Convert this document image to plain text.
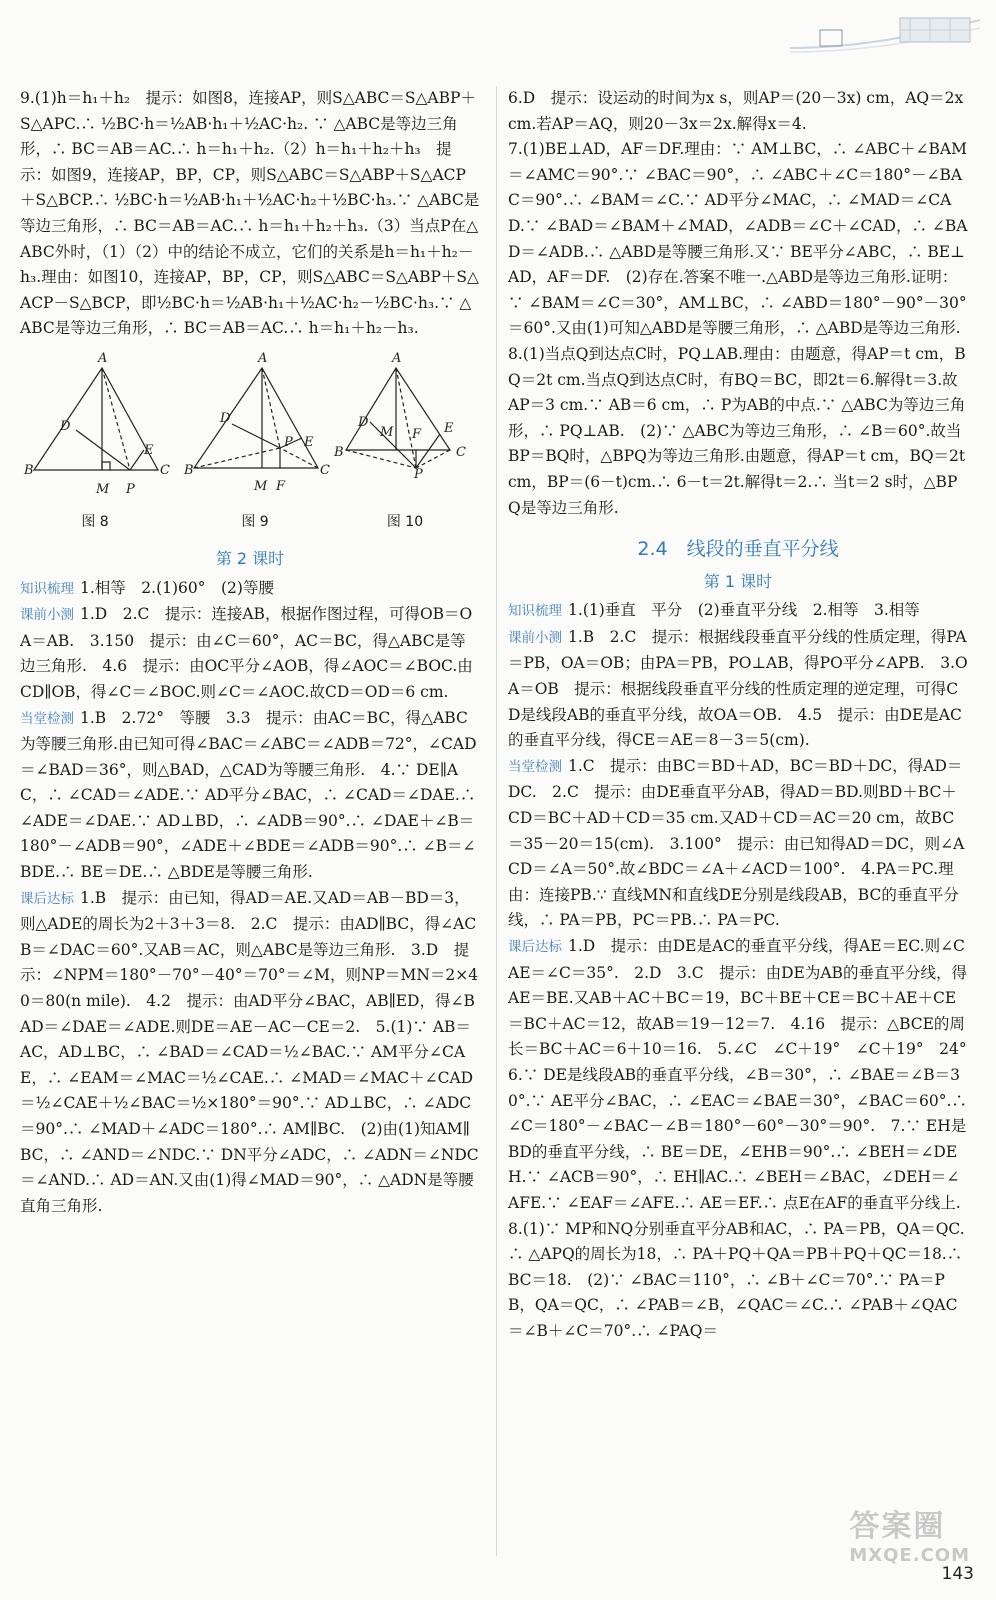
9.(1)h＝h₁＋h₂　提示：如图8，连接AP，则S△ABC＝S△ABP＋S△APC.∴ ½BC·h＝½AB·h₁＋½AC·h₂. ∵ △ABC是等边三角形，∴ BC＝AB＝AC.∴ h＝h₁＋h₂.（2）h＝h₁＋h₂＋h₃　提示：如图9，连接AP，BP，CP，则S△ABC＝S△ABP＋S△ACP＋S△BCP.∴ ½BC·h＝½AB·h₁＋½AC·h₂＋½BC·h₃.∵ △ABC是等边三角形，∴ BC＝AB＝AC.∴ h＝h₁＋h₂＋h₃.（3）当点P在△ABC外时，（1）（2）中的结论不成立，它们的关系是h＝h₁＋h₂－h₃.理由：如图10，连接AP，BP，CP，则S△ABC＝S△ABP＋S△ACP－S△BCP，即½BC·h＝½AB·h₁＋½AC·h₂－½BC·h₃.∵ △ABC是等边三角形，∴ BC＝AB＝AC.∴ h＝h₁＋h₂－h₃.

A
B	C
D
E
M P
图 8
A
B	C
D
E
M F
P
图 9
A
B	C
D	E
M F
P
图 10
第 2 课时

知识梳理 1.相等　2.(1)60°　(2)等腰

课前小测 1.D　2.C　提示：连接AB，根据作图过程，可得OB＝OA＝AB.　3.150　提示：由∠C＝60°，AC＝BC，得△ABC是等边三角形.　4.6　提示：由OC平分∠AOB，得∠AOC＝∠BOC.由CD∥OB，得∠C＝∠BOC.则∠C＝∠AOC.故CD＝OD＝6 cm.

当堂检测 1.B　2.72°　等腰　3.3　提示：由AC＝BC，得△ABC为等腰三角形.由已知可得∠BAC＝∠ABC＝∠ADB＝72°，∠CAD＝∠BAD＝36°，则△BAD，△CAD为等腰三角形.　4.∵ DE∥AC，∴ ∠CAD＝∠ADE.∵ AD平分∠BAC，∴ ∠CAD＝∠DAE.∴ ∠ADE＝∠DAE.∵ AD⊥BD，∴ ∠ADB＝90°.∴ ∠DAE＋∠B＝180°－∠ADB＝90°，∠ADE＋∠BDE＝∠ADB＝90°.∴ ∠B＝∠BDE.∴ BE＝DE.∴ △BDE是等腰三角形.

课后达标 1.B　提示：由已知，得AD＝AE.又AD＝AB－BD＝3，则△ADE的周长为2＋3＋3＝8.　2.C　提示：由AD∥BC，得∠ACB＝∠DAC＝60°.又AB＝AC，则△ABC是等边三角形.　3.D　提示：∠NPM＝180°－70°－40°＝70°＝∠M，则NP＝MN＝2×40＝80(n mile).　4.2　提示：由AD平分∠BAC，AB∥ED，得∠BAD＝∠DAE＝∠ADE.则DE＝AE－AC－CE＝2.　5.(1)∵ AB＝AC，AD⊥BC，∴ ∠BAD＝∠CAD＝½∠BAC.∵ AM平分∠CAE，∴ ∠EAM＝∠MAC＝½∠CAE.∴ ∠MAD＝∠MAC＋∠CAD＝½∠CAE＋½∠BAC＝½×180°＝90°.∵ AD⊥BC，∴ ∠ADC＝90°.∴ ∠MAD＋∠ADC＝180°.∴ AM∥BC.　(2)由(1)知AM∥BC，∴ ∠AND＝∠NDC.∵ DN平分∠ADC，∴ ∠ADN＝∠NDC＝∠AND.∴ AD＝AN.又由(1)得∠MAD＝90°，∴ △ADN是等腰直角三角形.

6.D　提示：设运动的时间为x s，则AP＝(20－3x) cm，AQ＝2x cm.若AP＝AQ，则20－3x＝2x.解得x＝4.

7.(1)BE⊥AD，AF＝DF.理由：∵ AM⊥BC，∴ ∠ABC＋∠BAM＝∠AMC＝90°.∵ ∠BAC＝90°，∴ ∠ABC＋∠C＝180°－∠BAC＝90°.∴ ∠BAM＝∠C.∵ AD平分∠MAC，∴ ∠MAD＝∠CAD.∵ ∠BAD＝∠BAM＋∠MAD，∠ADB＝∠C＋∠CAD，∴ ∠BAD＝∠ADB.∴ △ABD是等腰三角形.又∵ BE平分∠ABC，∴ BE⊥AD，AF＝DF.　(2)存在.答案不唯一.△ABD是等边三角形.证明：∵ ∠BAM＝∠C＝30°，AM⊥BC，∴ ∠ABD＝180°－90°－30°＝60°.又由(1)可知△ABD是等腰三角形，∴ △ABD是等边三角形.

8.(1)当点Q到达点C时，PQ⊥AB.理由：由题意，得AP＝t cm，BQ＝2t cm.当点Q到达点C时，有BQ＝BC，即2t＝6.解得t＝3.故AP＝3 cm.∵ AB＝6 cm，∴ P为AB的中点.∵ △ABC为等边三角形，∴ PQ⊥AB.　(2)∵ △ABC为等边三角形，∴ ∠B＝60°.故当BP＝BQ时，△BPQ为等边三角形.由题意，得AP＝t cm，BQ＝2t cm，BP＝(6－t)cm.∴ 6－t＝2t.解得t＝2.∴ 当t＝2 s时，△BPQ是等边三角形.

2.4　线段的垂直平分线
第 1 课时

知识梳理 1.(1)垂直　平分　(2)垂直平分线　2.相等　3.相等

课前小测 1.B　2.C　提示：根据线段垂直平分线的性质定理，得PA＝PB，OA＝OB；由PA＝PB，PO⊥AB，得PO平分∠APB.　3.OA＝OB　提示：根据线段垂直平分线的性质定理的逆定理，可得CD是线段AB的垂直平分线，故OA＝OB.　4.5　提示：由DE是AC的垂直平分线，得CE＝AE＝8－3＝5(cm).

当堂检测 1.C　提示：由BC＝BD＋AD，BC＝BD＋DC，得AD＝DC.　2.C　提示：由DE垂直平分AB，得AD＝BD.则BD＋BC＋CD＝BC＋AD＋CD＝35 cm.又AD＋CD＝AC＝20 cm，故BC＝35－20＝15(cm).　3.100°　提示：由已知得AD＝DC，则∠ACD＝∠A＝50°.故∠BDC＝∠A＋∠ACD＝100°.　4.PA＝PC.理由：连接PB.∵ 直线MN和直线DE分别是线段AB，BC的垂直平分线，∴ PA＝PB，PC＝PB.∴ PA＝PC.

课后达标 1.D　提示：由DE是AC的垂直平分线，得AE＝EC.则∠CAE＝∠C＝35°.　2.D　3.C　提示：由DE为AB的垂直平分线，得AE＝BE.又AB＋AC＋BC＝19，BC＋BE＋CE＝BC＋AE＋CE＝BC＋AC＝12，故AB＝19－12＝7.　4.16　提示：△BCE的周长＝BC＋AC＝6＋10＝16.　5.∠C　∠C＋19°　∠C＋19°　24°　6.∵ DE是线段AB的垂直平分线，∠B＝30°，∴ ∠BAE＝∠B＝30°.∵ AE平分∠BAC，∴ ∠EAC＝∠BAE＝30°，∠BAC＝60°.∴ ∠C＝180°－∠BAC－∠B＝180°－60°－30°＝90°.　7.∵ EH是BD的垂直平分线，∴ BE＝DE，∠EHB＝90°.∴ ∠BEH＝∠DEH.∵ ∠ACB＝90°，∴ EH∥AC.∴ ∠BEH＝∠BAC，∠DEH＝∠AFE.∵ ∠EAF＝∠AFE.∴ AE＝EF.∴ 点E在AF的垂直平分线上.　8.(1)∵ MP和NQ分别垂直平分AB和AC，∴ PA＝PB，QA＝QC.∴ △APQ的周长为18，∴ PA＋PQ＋QA＝PB＋PQ＋QC＝18.∴ BC＝18.　(2)∵ ∠BAC＝110°，∴ ∠B＋∠C＝70°.∵ PA＝PB，QA＝QC，∴ ∠PAB＝∠B，∠QAC＝∠C.∴ ∠PAB＋∠QAC＝∠B＋∠C＝70°.∴ ∠PAQ＝

答案圈
MXQE.COM
143
